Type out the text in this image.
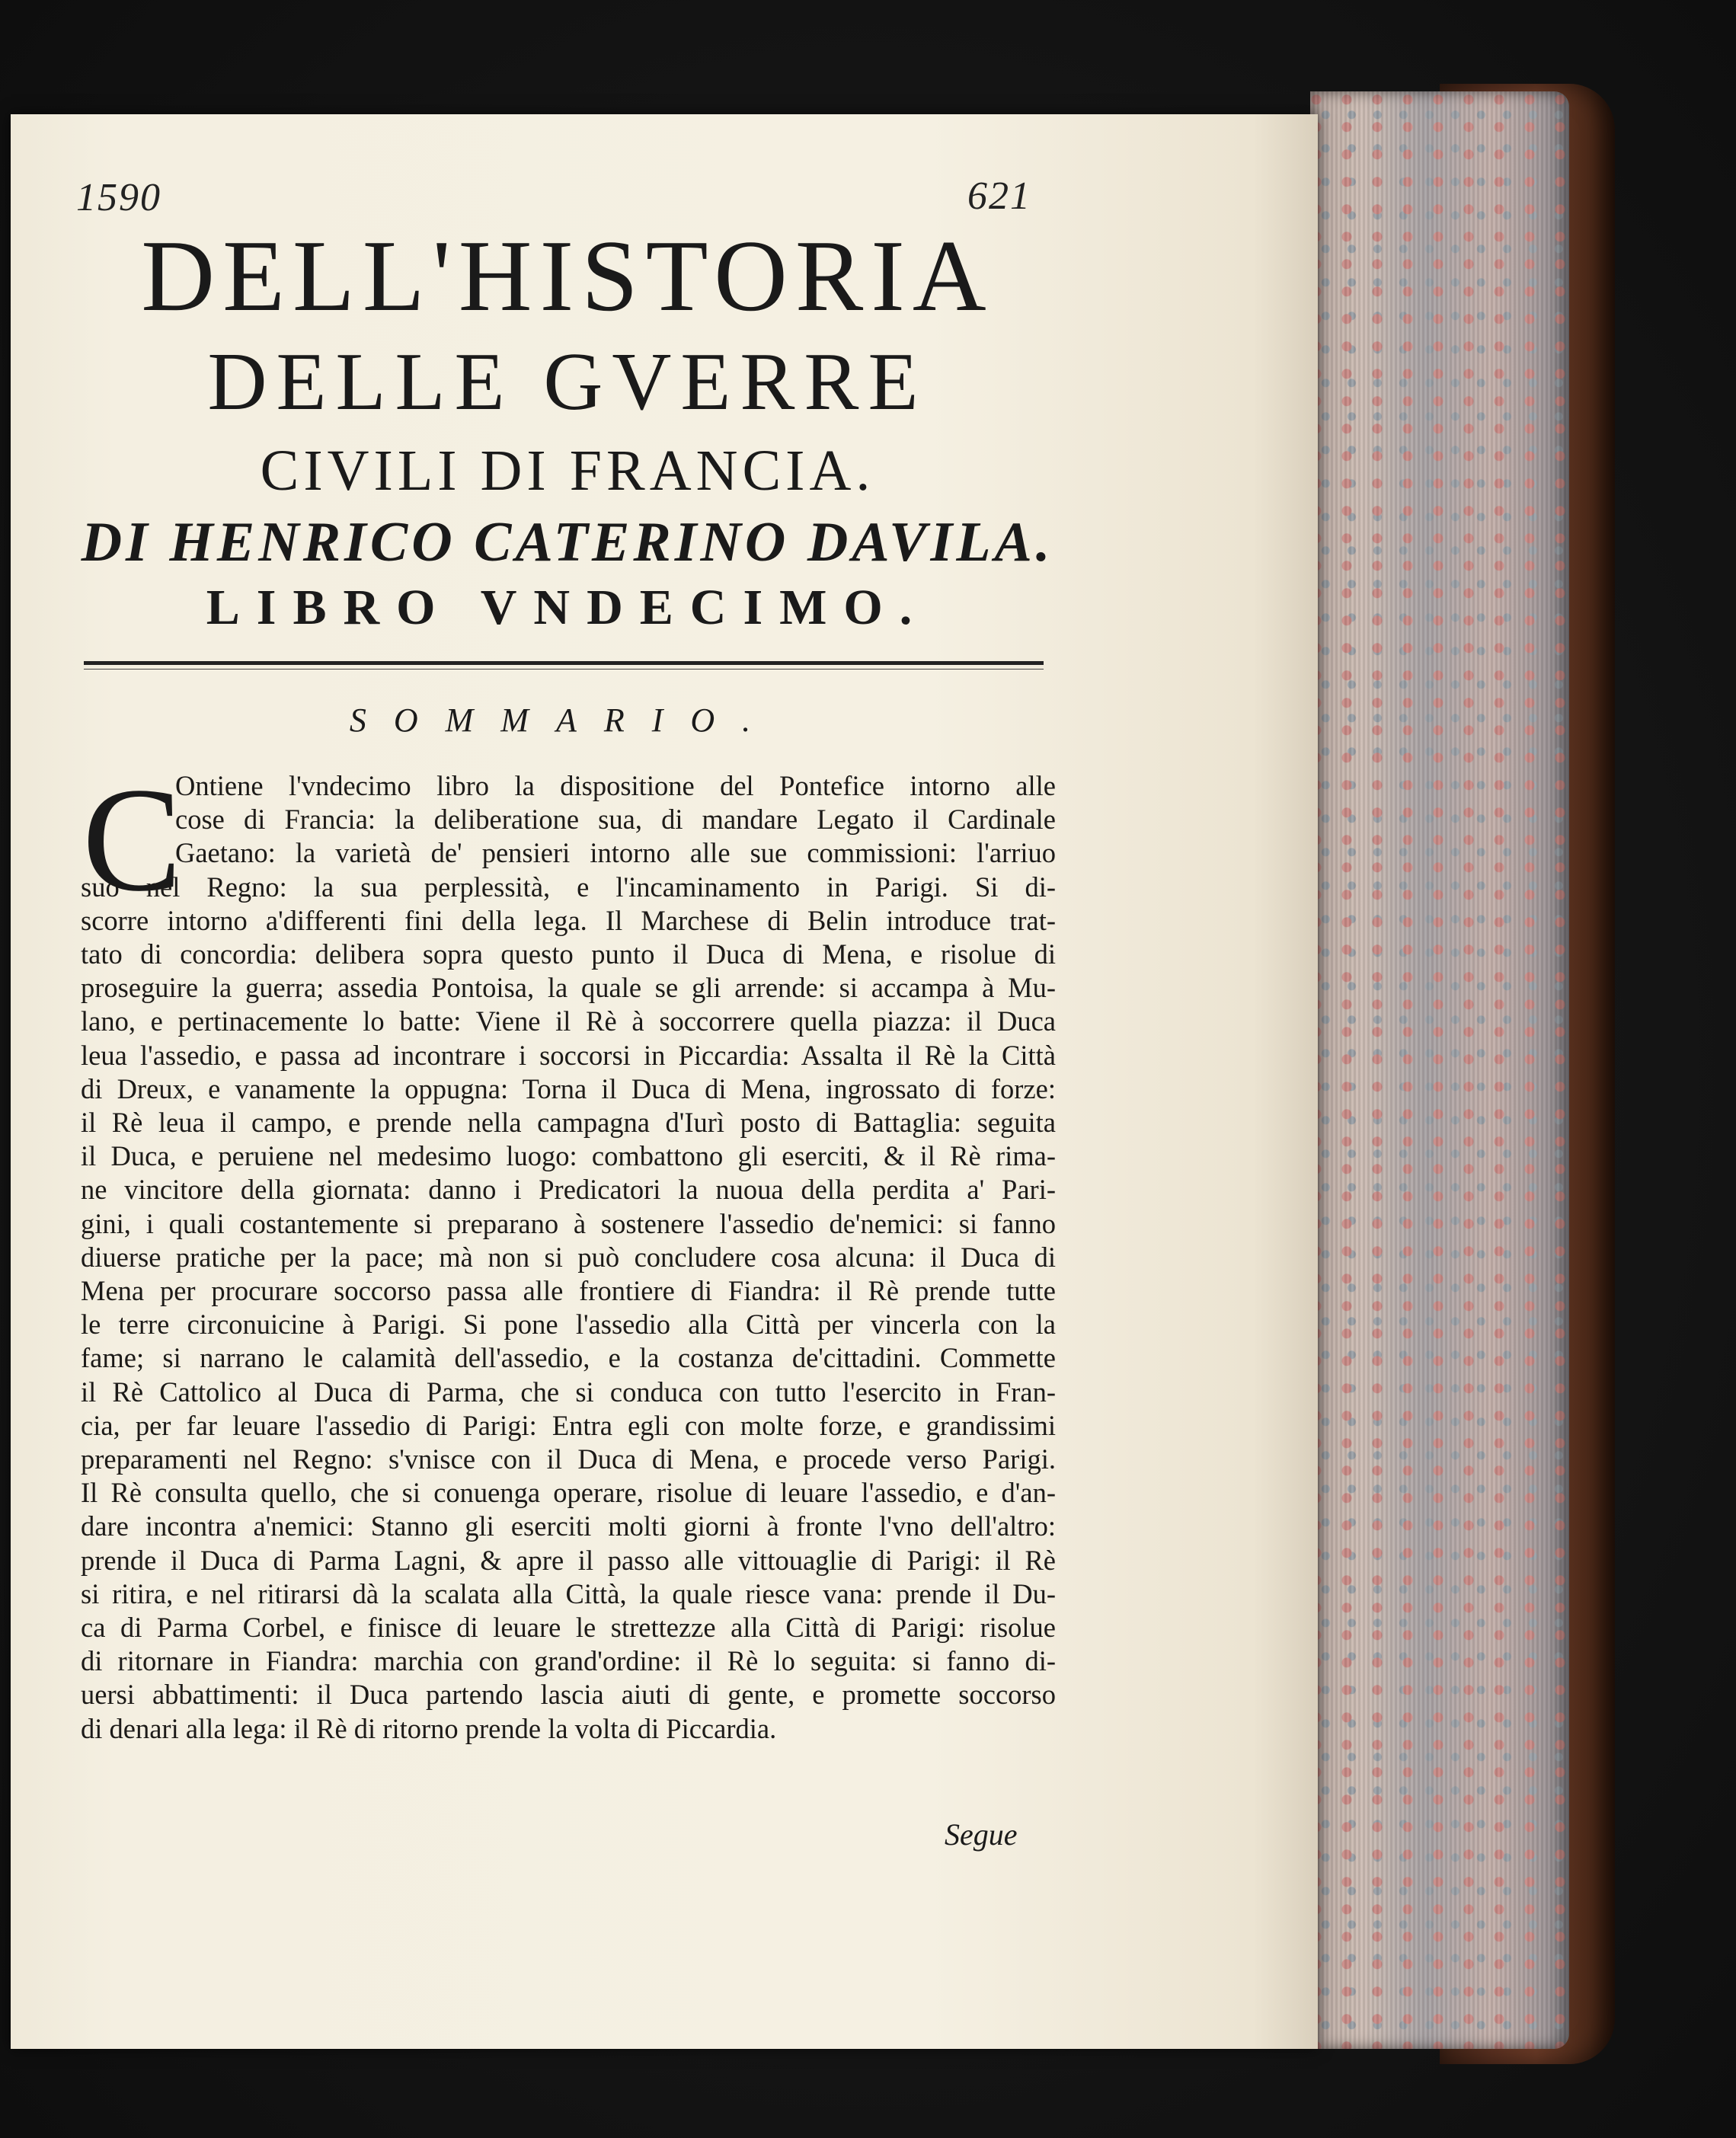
1590	621
DELL'HISTORIA
DELLE GVERRE
CIVILI DI FRANCIA.
DI HENRICO CATERINO DAVILA.
LIBRO VNDECIMO.
SOMMARIO.
C
Ontiene l'vndecimo libro la dispositione del Pontefice intorno alle
cose di Francia: la deliberatione sua, di mandare Legato il Cardinale
Gaetano: la varietà de' pensieri intorno alle sue commissioni: l'arriuo
suo nel Regno: la sua perplessità, e l'incaminamento in Parigi. Si di-
scorre intorno a'differenti fini della lega. Il Marchese di Belin introduce trat-
tato di concordia: delibera sopra questo punto il Duca di Mena, e risolue di
proseguire la guerra; assedia Pontoisa, la quale se gli arrende: si accampa à Mu-
lano, e pertinacemente lo batte: Viene il Rè à soccorrere quella piazza: il Duca
leua l'assedio, e passa ad incontrare i soccorsi in Piccardia: Assalta il Rè la Città
di Dreux, e vanamente la oppugna: Torna il Duca di Mena, ingrossato di forze:
il Rè leua il campo, e prende nella campagna d'Iurì posto di Battaglia: seguita
il Duca, e peruiene nel medesimo luogo: combattono gli eserciti, & il Rè rima-
ne vincitore della giornata: danno i Predicatori la nuoua della perdita a' Pari-
gini, i quali costantemente si preparano à sostenere l'assedio de'nemici: si fanno
diuerse pratiche per la pace; mà non si può concludere cosa alcuna: il Duca di
Mena per procurare soccorso passa alle frontiere di Fiandra: il Rè prende tutte
le terre circonuicine à Parigi. Si pone l'assedio alla Città per vincerla con la
fame; si narrano le calamità dell'assedio, e la costanza de'cittadini. Commette
il Rè Cattolico al Duca di Parma, che si conduca con tutto l'esercito in Fran-
cia, per far leuare l'assedio di Parigi: Entra egli con molte forze, e grandissimi
preparamenti nel Regno: s'vnisce con il Duca di Mena, e procede verso Parigi.
Il Rè consulta quello, che si conuenga operare, risolue di leuare l'assedio, e d'an-
dare incontra a'nemici: Stanno gli eserciti molti giorni à fronte l'vno dell'altro:
prende il Duca di Parma Lagni, & apre il passo alle vittouaglie di Parigi: il Rè
si ritira, e nel ritirarsi dà la scalata alla Città, la quale riesce vana: prende il Du-
ca di Parma Corbel, e finisce di leuare le strettezze alla Città di Parigi: risolue
di ritornare in Fiandra: marchia con grand'ordine: il Rè lo seguita: si fanno di-
uersi abbattimenti: il Duca partendo lascia aiuti di gente, e promette soccorso
di denari alla lega: il Rè di ritorno prende la volta di Piccardia.
Segue
